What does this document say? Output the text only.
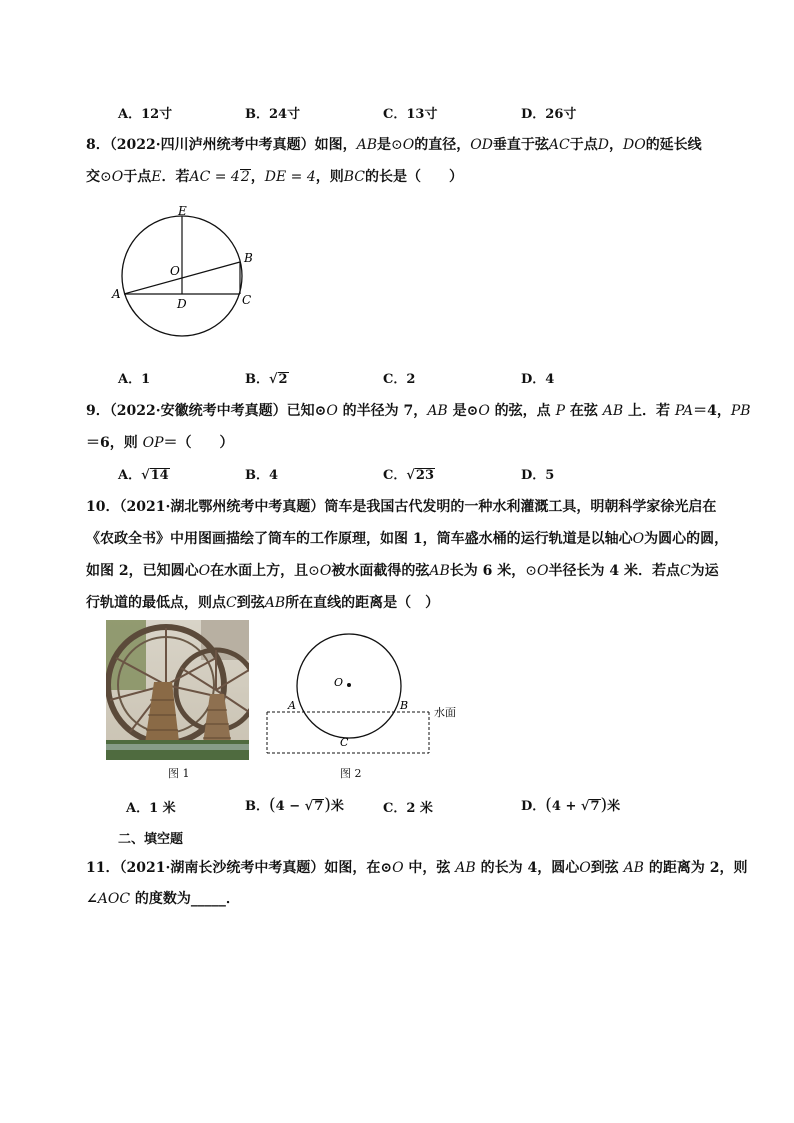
A．12寸	B．24寸	C．13寸	D．26寸
8．（2022·四川泸州统考中考真题）如图，AB是⊙O的直径，OD垂直于弦AC于点D，DO的延长线
交⊙O于点E．若AC = 42，DE = 4，则BC的长是（　　）
E
O
B
A
D	C
A．1	B．√2	C．2	D．4
9．（2022·安徽统考中考真题）已知⊙O 的半径为 7，AB 是⊙O 的弦，点 P 在弦 AB 上．若 PA＝4，PB
＝6，则 OP＝（　　）
A．√14	B．4	C．√23	D．5
10．（2021·湖北鄂州统考中考真题）筒车是我国古代发明的一种水利灌溉工具，明朝科学家徐光启在
《农政全书》中用图画描绘了筒车的工作原理，如图 1，筒车盛水桶的运行轨道是以轴心O为圆心的圆，
如图 2，已知圆心O在水面上方，且⊙O被水面截得的弦AB长为 6 米，⊙O半径长为 4 米．若点C为运
行轨道的最低点，则点C到弦AB所在直线的距离是（　）
图 1
O
A	B
C
水面
图 2
A．1 米	B．(4 − √7)米	C．2 米	D．(4 + √7)米
二、填空题
11．（2021·湖南长沙统考中考真题）如图，在⊙O 中，弦 AB 的长为 4，圆心O到弦 AB 的距离为 2，则
∠AOC 的度数为_____．
